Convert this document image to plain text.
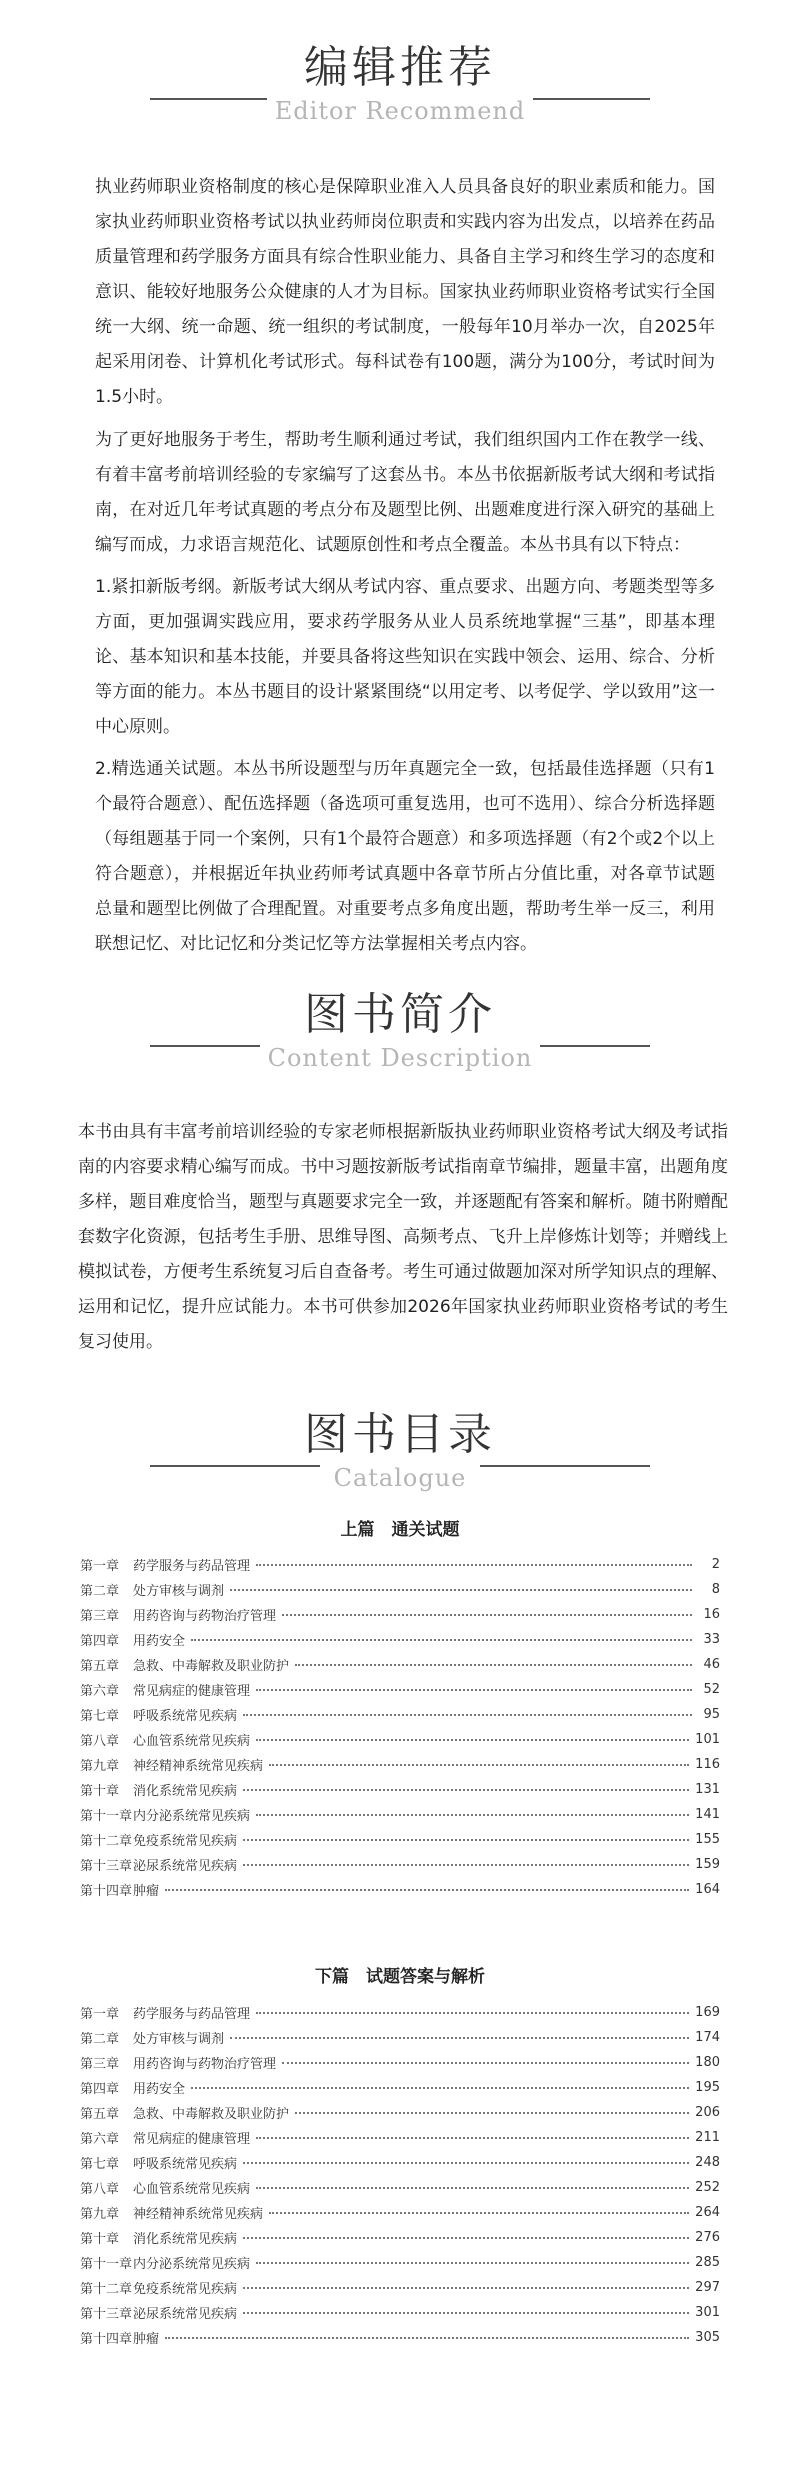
编辑推荐
Editor Recommend

执业药师职业资格制度的核心是保障职业准入人员具备良好的职业素质和能力。国家执业药师职业资格考试以执业药师岗位职责和实践内容为出发点，以培养在药品质量管理和药学服务方面具有综合性职业能力、具备自主学习和终生学习的态度和意识、能较好地服务公众健康的人才为目标。国家执业药师职业资格考试实行全国统一大纲、统一命题、统一组织的考试制度，一般每年10月举办一次，自2025年起采用闭卷、计算机化考试形式。每科试卷有100题，满分为100分，考试时间为1.5小时。

为了更好地服务于考生，帮助考生顺利通过考试，我们组织国内工作在教学一线、有着丰富考前培训经验的专家编写了这套丛书。本丛书依据新版考试大纲和考试指南，在对近几年考试真题的考点分布及题型比例、出题难度进行深入研究的基础上编写而成，力求语言规范化、试题原创性和考点全覆盖。本丛书具有以下特点：

1.紧扣新版考纲。新版考试大纲从考试内容、重点要求、出题方向、考题类型等多方面，更加强调实践应用，要求药学服务从业人员系统地掌握“三基”，即基本理论、基本知识和基本技能，并要具备将这些知识在实践中领会、运用、综合、分析等方面的能力。本丛书题目的设计紧紧围绕“以用定考、以考促学、学以致用”这一中心原则。

2.精选通关试题。本丛书所设题型与历年真题完全一致，包括最佳选择题（只有1个最符合题意）、配伍选择题（备选项可重复选用，也可不选用）、综合分析选择题（每组题基于同一个案例，只有1个最符合题意）和多项选择题（有2个或2个以上符合题意），并根据近年执业药师考试真题中各章节所占分值比重，对各章节试题总量和题型比例做了合理配置。对重要考点多角度出题，帮助考生举一反三，利用联想记忆、对比记忆和分类记忆等方法掌握相关考点内容。

图书简介
Content Description

本书由具有丰富考前培训经验的专家老师根据新版执业药师职业资格考试大纲及考试指南的内容要求精心编写而成。书中习题按新版考试指南章节编排，题量丰富，出题角度多样，题目难度恰当，题型与真题要求完全一致，并逐题配有答案和解析。随书附赠配套数字化资源，包括考生手册、思维导图、高频考点、飞升上岸修炼计划等；并赠线上模拟试卷，方便考生系统复习后自查备考。考生可通过做题加深对所学知识点的理解、运用和记忆，提升应试能力。本书可供参加2026年国家执业药师职业资格考试的考生复习使用。

图书目录
Catalogue
上篇　通关试题
第一章	药学服务与药品管理	2
第二章	处方审核与调剂	8
第三章	用药咨询与药物治疗管理	16
第四章	用药安全	33
第五章	急救、中毒解救及职业防护	46
第六章	常见病症的健康管理	52
第七章	呼吸系统常见疾病	95
第八章	心血管系统常见疾病	101
第九章	神经精神系统常见疾病	116
第十章	消化系统常见疾病	131
第十一章 内分泌系统常见疾病	141
第十二章 免疫系统常见疾病	155
第十三章 泌尿系统常见疾病	159
第十四章 肿瘤	164
下篇　试题答案与解析
第一章	药学服务与药品管理	169
第二章	处方审核与调剂	174
第三章	用药咨询与药物治疗管理	180
第四章	用药安全	195
第五章	急救、中毒解救及职业防护	206
第六章	常见病症的健康管理	211
第七章	呼吸系统常见疾病	248
第八章	心血管系统常见疾病	252
第九章	神经精神系统常见疾病	264
第十章	消化系统常见疾病	276
第十一章 内分泌系统常见疾病	285
第十二章 免疫系统常见疾病	297
第十三章 泌尿系统常见疾病	301
第十四章 肿瘤	305
